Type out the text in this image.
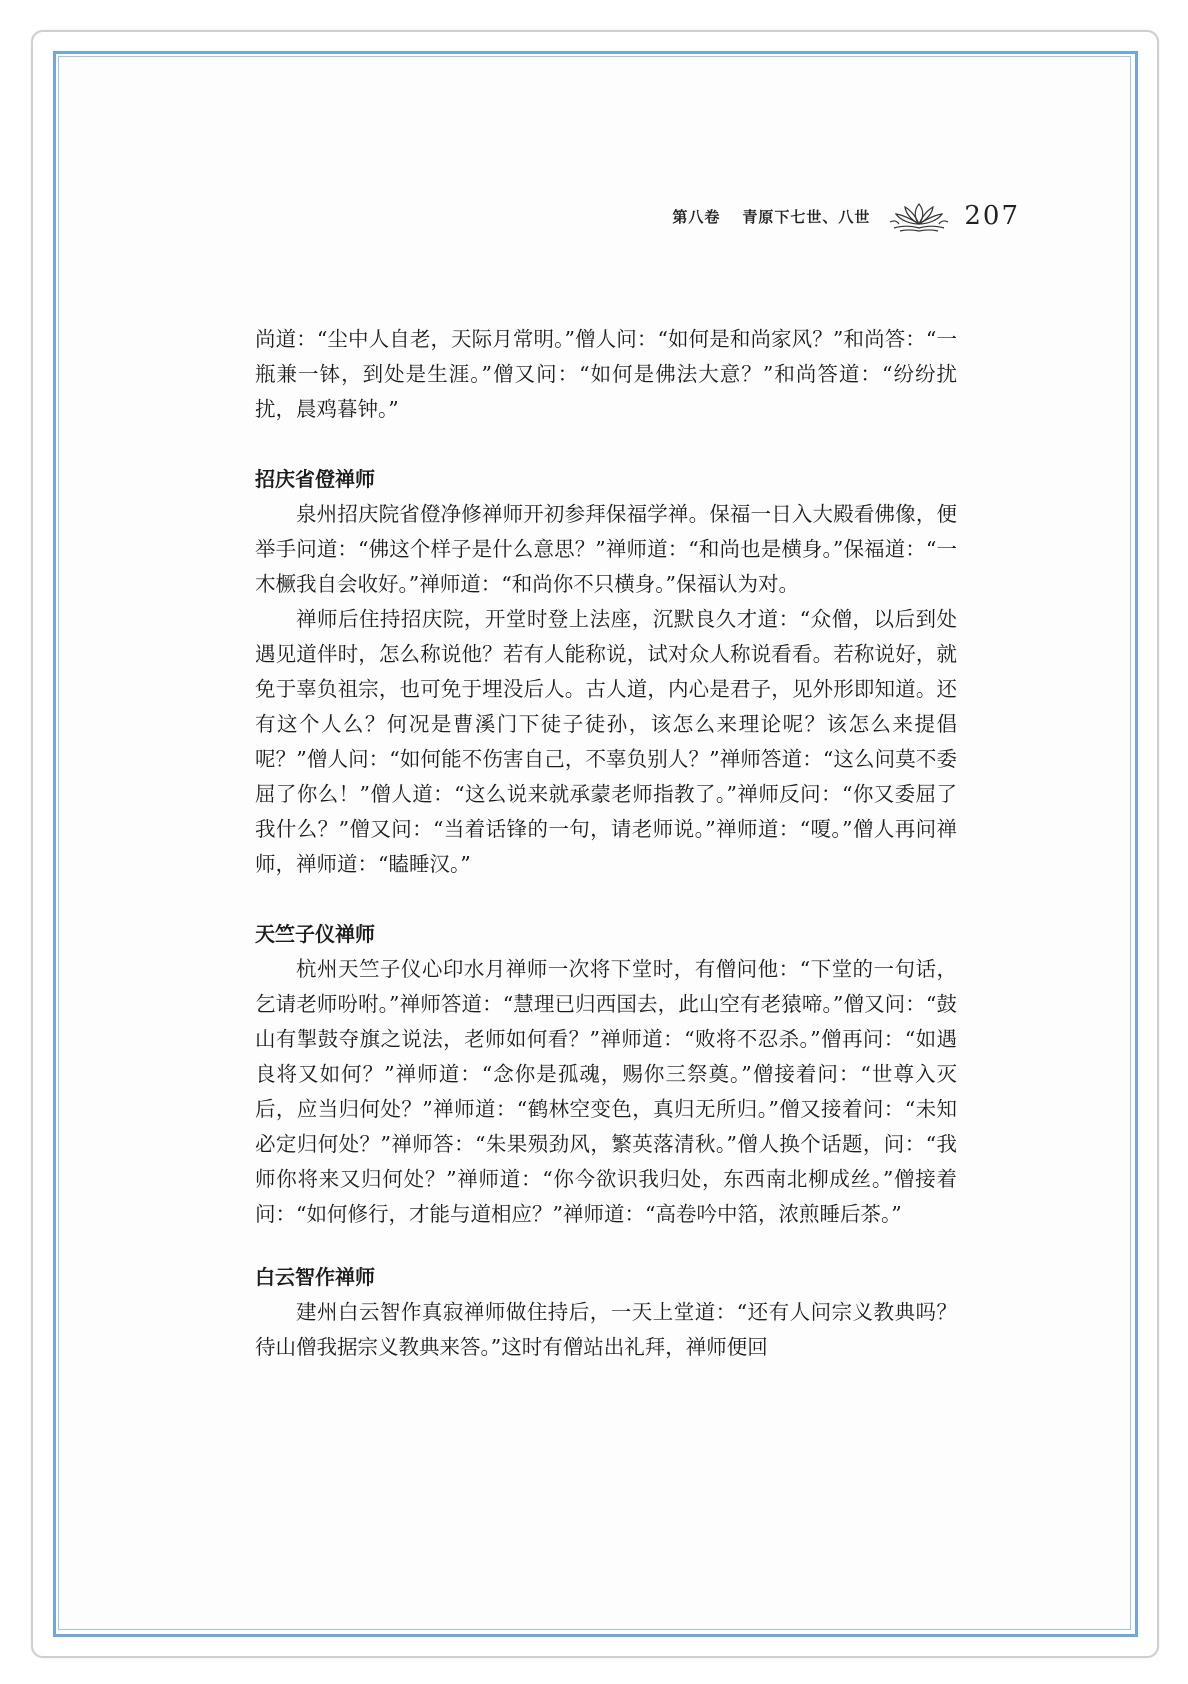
第八卷 青原下七世、八世	207

尚道：“尘中人自老，天际月常明。”僧人问：“如何是和尚家风？”和尚答：“一瓶兼一钵，到处是生涯。”僧又问：“如何是佛法大意？”和尚答道：“纷纷扰扰，晨鸡暮钟。”

招庆省僜禅师

泉州招庆院省僜净修禅师开初参拜保福学禅。保福一日入大殿看佛像，便举手问道：“佛这个样子是什么意思？”禅师道：“和尚也是横身。”保福道：“一木橛我自会收好。”禅师道：“和尚你不只横身。”保福认为对。

禅师后住持招庆院，开堂时登上法座，沉默良久才道：“众僧，以后到处遇见道伴时，怎么称说他？若有人能称说，试对众人称说看看。若称说好，就免于辜负祖宗，也可免于埋没后人。古人道，内心是君子，见外形即知道。还有这个人么？何况是曹溪门下徒子徒孙，该怎么来理论呢？该怎么来提倡呢？”僧人问：“如何能不伤害自己，不辜负别人？”禅师答道：“这么问莫不委屈了你么！”僧人道：“这么说来就承蒙老师指教了。”禅师反问：“你又委屈了我什么？”僧又问：“当着话锋的一句，请老师说。”禅师道：“嗄。”僧人再问禅师，禅师道：“瞌睡汉。”

天竺子仪禅师

杭州天竺子仪心印水月禅师一次将下堂时，有僧问他：“下堂的一句话，乞请老师吩咐。”禅师答道：“慧理已归西国去，此山空有老猿啼。”僧又问：“鼓山有掣鼓夺旗之说法，老师如何看？”禅师道：“败将不忍杀。”僧再问：“如遇良将又如何？”禅师道：“念你是孤魂，赐你三祭奠。”僧接着问：“世尊入灭后，应当归何处？”禅师道：“鹤林空变色，真归无所归。”僧又接着问：“未知必定归何处？”禅师答：“朱果殒劲风，繁英落清秋。”僧人换个话题，问：“我师你将来又归何处？”禅师道：“你今欲识我归处，东西南北柳成丝。”僧接着问：“如何修行，才能与道相应？”禅师道：“高卷吟中箔，浓煎睡后茶。”

白云智作禅师

建州白云智作真寂禅师做住持后，一天上堂道：“还有人问宗义教典吗？待山僧我据宗义教典来答。”这时有僧站出礼拜，禅师便回
